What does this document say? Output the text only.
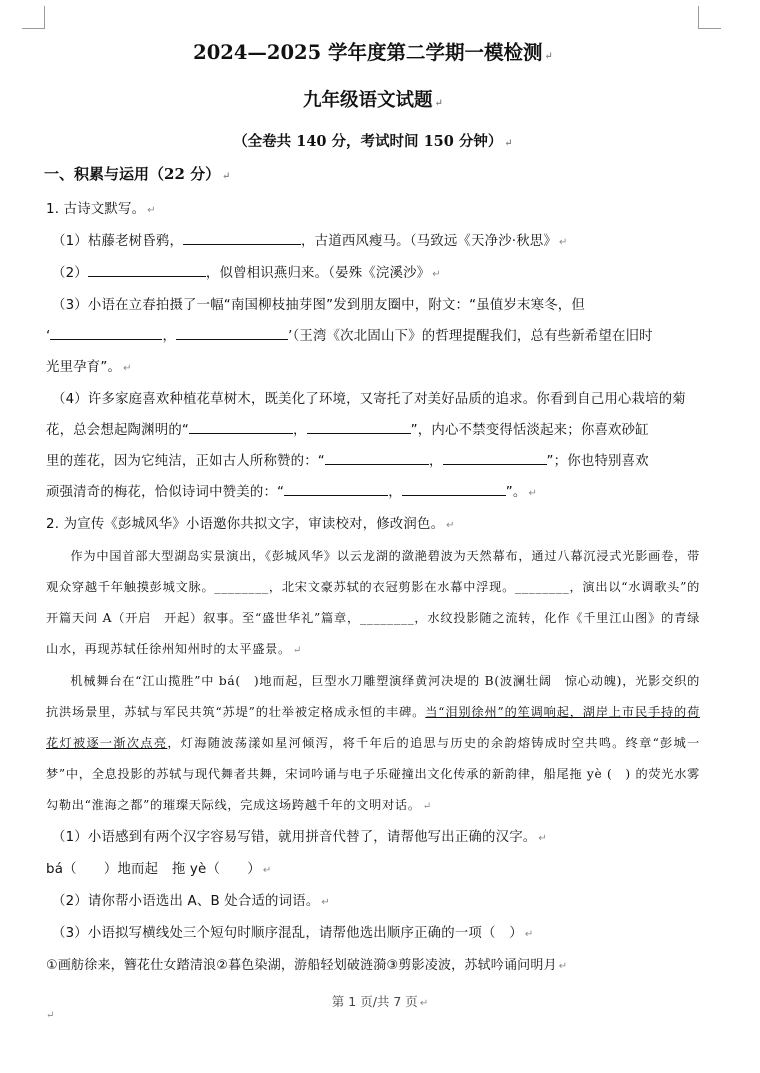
2024—2025 学年度第二学期一模检测 ↵
九年级语文试题 ↵
（全卷共 140 分，考试时间 150 分钟） ↵
一、积累与运用（22 分） ↵
1. 古诗文默写。 ↵
（1）枯藤老树昏鸦，	，古道西风瘦马。（马致远《天净沙·秋思》 ↵
（2）	，似曾相识燕归来。（晏殊《浣溪沙》 ↵
（3）小语在立春拍摄了一幅“南国柳枝抽芽图”发到朋友圈中，附文：“虽值岁末寒冬，但
‘	，	’（王湾《次北固山下》的哲理提醒我们，总有些新希望在旧时
光里孕育”。 ↵
（4）许多家庭喜欢种植花草树木，既美化了环境，又寄托了对美好品质的追求。你看到自己用心栽培的菊
花，总会想起陶渊明的“	，	”，内心不禁变得恬淡起来；你喜欢砂缸
里的莲花，因为它纯洁，正如古人所称赞的：“	，	”；你也特别喜欢
顽强清奇的梅花，恰似诗词中赞美的：“	，	”。 ↵
2. 为宣传《彭城风华》小语邀你共拟文字，审读校对，修改润色。 ↵
作为中国首部大型湖岛实景演出，《彭城风华》以云龙湖的潋滟碧波为天然幕布，通过八幕沉浸式光影画卷，带观众穿越千年触摸彭城文脉。________，北宋文豪苏轼的衣冠剪影在水幕中浮现。________，演出以“水调歌头”的开篇天问 A（开启　开起）叙事。至“盛世华礼”篇章，________，水纹投影随之流转，化作《千里江山图》的青绿山水，再现苏轼任徐州知州时的太平盛景。 ↵
机械舞台在“江山揽胜”中 bá(　)地而起，巨型水刀雕塑演绎黄河决堤的 B(波澜壮阔　惊心动魄)，光影交织的抗洪场景里，苏轼与军民共筑“苏堤”的壮举被定格成永恒的丰碑。当“泪别徐州”的笙调响起，湖岸上市民手持的荷花灯被逐一渐次点亮，灯海随波荡漾如星河倾泻，将千年后的追思与历史的余韵熔铸成时空共鸣。终章“彭城一梦”中，全息投影的苏轼与现代舞者共舞，宋词吟诵与电子乐碰撞出文化传承的新韵律，船尾拖 yè (　) 的荧光水雾勾勒出“淮海之都”的璀璨天际线，完成这场跨越千年的文明对话。 ↵
（1）小语感到有两个汉字容易写错，就用拼音代替了，请帮他写出正确的汉字。 ↵
bá（　　）地而起　拖 yè（　　） ↵
（2）请你帮小语选出 A、B 处合适的词语。 ↵
（3）小语拟写横线处三个短句时顺序混乱，请帮他选出顺序正确的一项（　） ↵
①画舫徐来，簪花仕女踏清浪②暮色染湖，游船轻划破涟漪③剪影凌波，苏轼吟诵问明月 ↵
第 1 页/共 7 页 ↵
↵
